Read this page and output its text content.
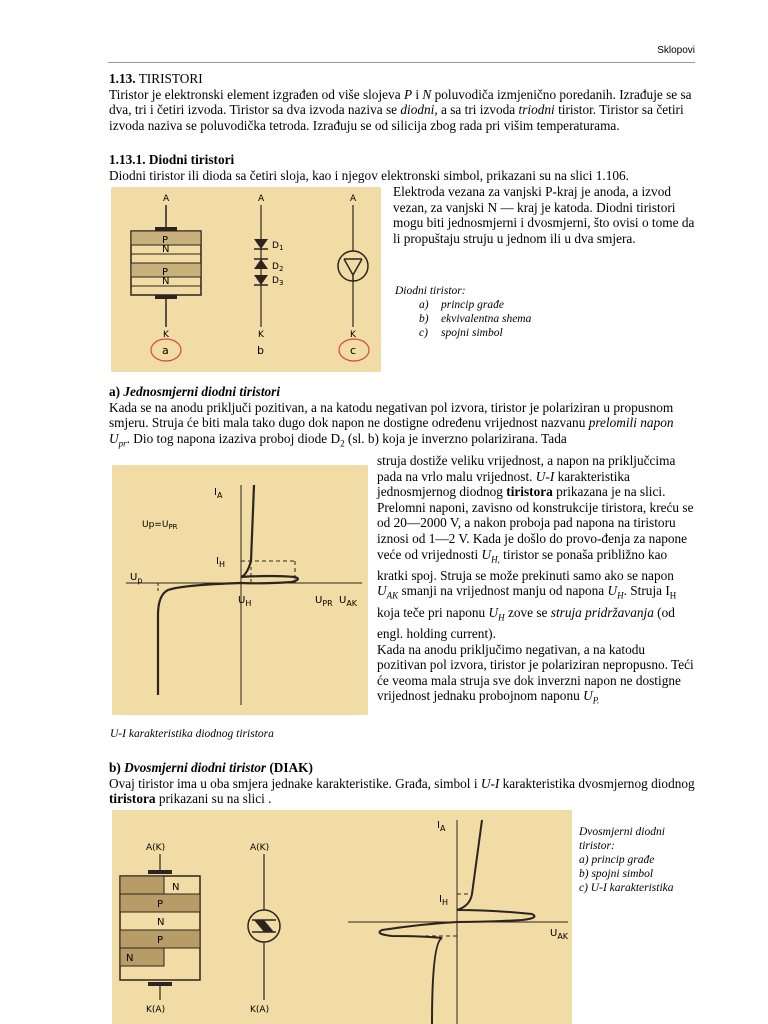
Sklopovi
1.13. TIRISTORI
Tiristor je elektronski element izgrađen od više slojeva P i N poluvodiča izmjenično poredanih. Izrađuje se sa dva, tri i četiri izvoda. Tiristor sa dva izvoda naziva se diodni, a sa tri izvoda triodni tiristor. Tiristor sa četiri izvoda naziva se poluvodička tetroda. Izrađuju se od silicija zbog rada pri višim temperaturama.
1.13.1. Diodni tiristori
Diodni tiristor ili dioda sa četiri sloja, kao i njegov elektronski simbol, prikazani su na slici 1.106.
A
K
P
N
P
N
a
A
K
$D_1$
$D_2$
$D_3$
b
A
K
c
Elektroda vezana za vanjski P-kraj je anoda, a izvod vezan, za vanjski N — kraj je katoda. Diodni tiristori mogu biti jednosmjerni i dvosmjerni, što ovisi o tome da li propuštaju struju u jednom ili u dva smjera.
Diodni tiristor:
a) princip građe
b) ekvivalentna shema
c) spojni simbol
a) Jednosmjerni diodni tiristori
Kada se na anodu priključi pozitivan, a na katodu negativan pol izvora, tiristor je polariziran u propusnom smjeru. Struja će biti mala tako dugo dok napon ne dostigne određenu vrijednost nazvanu prelomili napon $U_{pr}$. Dio tog napona izaziva proboj diode $D_2$ (sl. b) koja je inverzno polarizirana. Tada
$I_A$
$Up=U_{PR}$
$I_H$
$U_p$
$U_H$	$U_{PR}$ $U_{AK}$
struja dostiže veliku vrijednost, a napon na priključcima pada na vrlo malu vrijednost. U-I karakteristika jednosmjernog diodnog tiristora prikazana je na slici.
Prelomni naponi, zavisno od konstrukcije tiristora, kreću se od 20—2000 V, a nakon proboja pad napona na tiristoru iznosi od 1—2 V. Kada je došlo do provo-đenja za napone veće od vrijednosti $U_{H,}$ tiristor se ponaša približno kao kratki spoj. Struja se može prekinuti samo ako se napon $U_{AK}$ smanji na vrijednost manju od napona $U_H$. Struja $I_H$ koja teče pri naponu $U_H$ zove se struja pridržavanja (od engl. holding current).
Kada na anodu priključimo negativan, a na katodu pozitivan pol izvora, tiristor je polariziran nepropusno. Teći će veoma mala struja sve dok inverzni napon ne dostigne vrijednost jednaku probojnom naponu $U_{P.}$
U-I karakteristika diodnog tiristora
b) Dvosmjerni diodni tiristor (DIAK)
Ovaj tiristor ima u oba smjera jednake karakteristike. Građa, simbol i U-I karakteristika dvosmjernog diodnog tiristora prikazani su na slici .
A(K)
K(A)
N
P
N
P
N
A(K)
K(A)
$I_A$
$I_H$
$U_{AK}$
Dvosmjerni diodni tiristor:
a) princip građe
b) spojni simbol
c) U-I karakteristika
